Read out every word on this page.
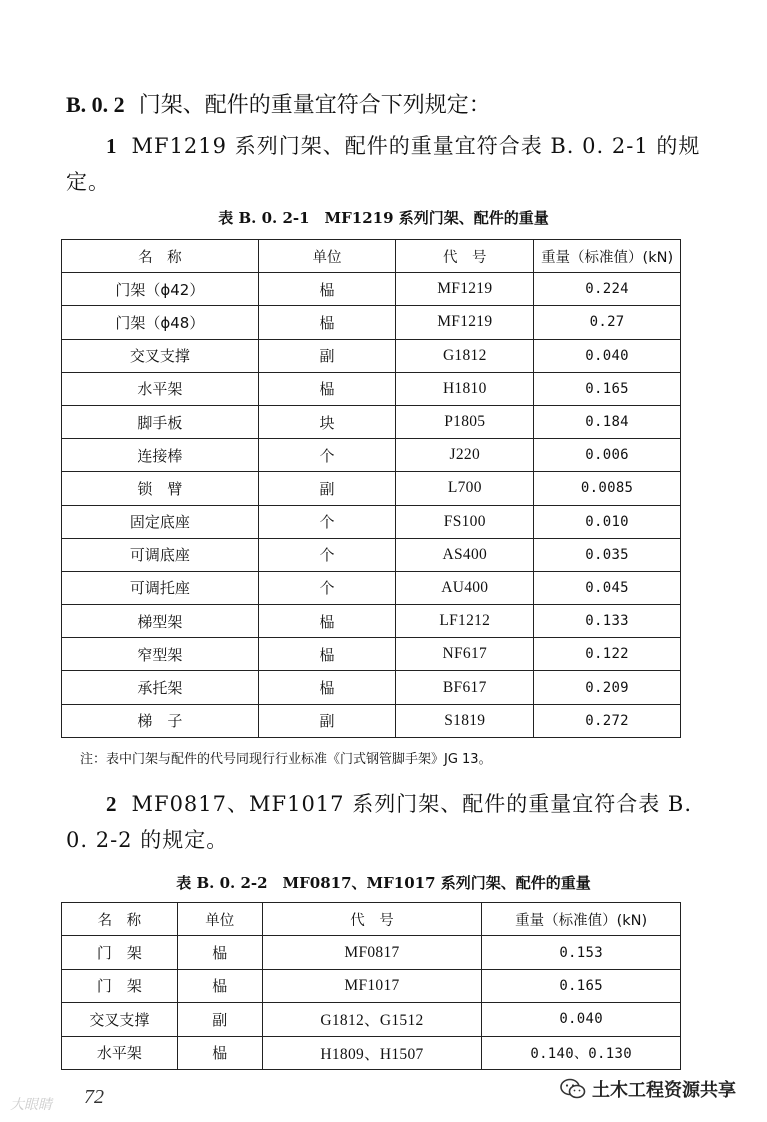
B. 0. 2 门架、配件的重量宜符合下列规定：
1 MF1219 系列门架、配件的重量宜符合表 B. 0. 2-1 的规定。
表 B. 0. 2-1　MF1219 系列门架、配件的重量
名　称	单位	代　号	重量（标准值）(kN)
门架（ϕ42）	榀	MF1219	0.224
门架（ϕ48）	榀	MF1219	0.27
交叉支撑	副	G1812	0.040
水平架	榀	H1810	0.165
脚手板	块	P1805	0.184
连接棒	个	J220	0.006
锁　臂	副	L700	0.0085
固定底座	个	FS100	0.010
可调底座	个	AS400	0.035
可调托座	个	AU400	0.045
梯型架	榀	LF1212	0.133
窄型架	榀	NF617	0.122
承托架	榀	BF617	0.209
梯　子	副	S1819	0.272
注：表中门架与配件的代号同现行行业标准《门式钢管脚手架》JG 13。
2 MF0817、MF1017 系列门架、配件的重量宜符合表 B. 0. 2-2 的规定。
表 B. 0. 2-2　MF0817、MF1017 系列门架、配件的重量
名　称	单位	代　号	重量（标准值）(kN)
门　架	榀	MF0817	0.153
门　架	榀	MF1017	0.165
交叉支撑	副	G1812、G1512	0.040
水平架	榀	H1809、H1507	0.140、0.130
72
大眼睛
土木工程资源共享
